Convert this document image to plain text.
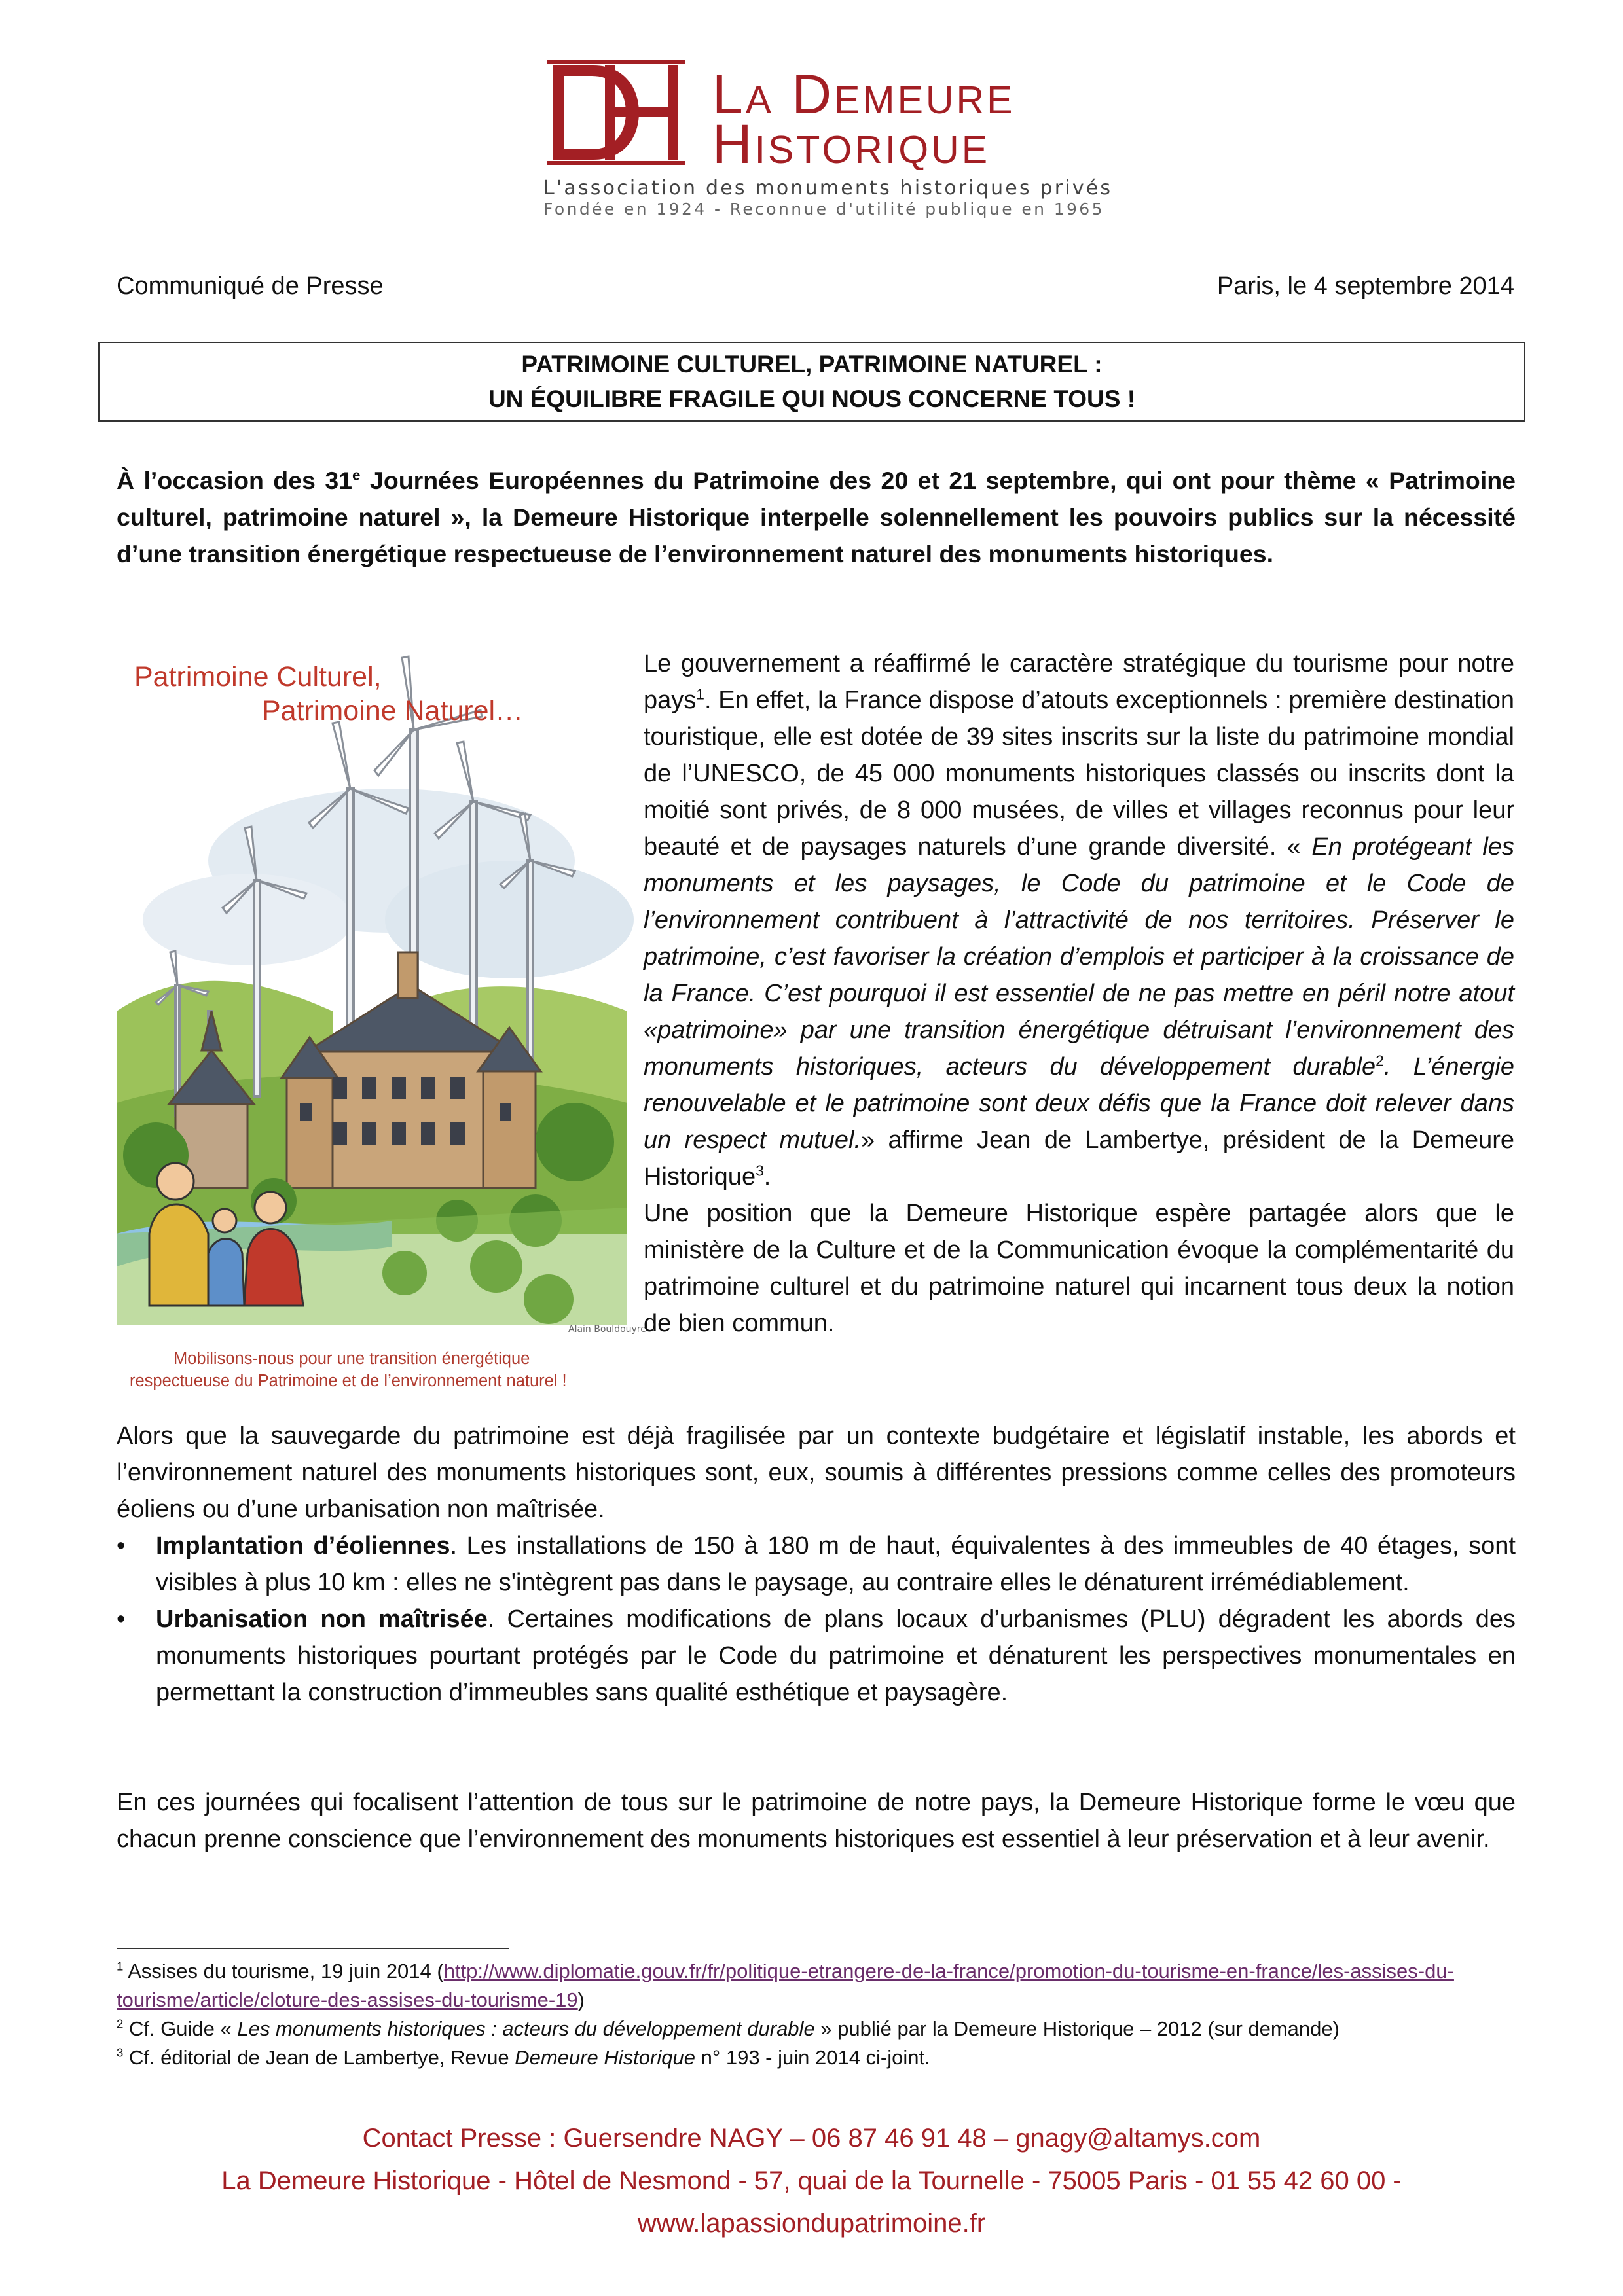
La Demeure
Historique
L'association des monuments historiques privés
Fondée en 1924 - Reconnue d'utilité publique en 1965
Communiqué de Presse	Paris, le 4 septembre 2014
PATRIMOINE CULTUREL, PATRIMOINE NATUREL :
UN ÉQUILIBRE FRAGILE QUI NOUS CONCERNE TOUS !
À l’occasion des 31e Journées Européennes du Patrimoine des 20 et 21 septembre, qui ont pour thème « Patrimoine culturel, patrimoine naturel », la Demeure Historique interpelle solennellement les pouvoirs publics sur la nécessité d’une transition énergétique respectueuse de l’environnement naturel des monuments historiques.
Alain Bouldouyre
Patrimoine Culturel,
Patrimoine Naturel…
Mobilisons-nous pour une transition énergétique
respectueuse du Patrimoine et de l’environnement naturel !
Le gouvernement a réaffirmé le caractère stratégique du tourisme pour notre pays$^1$. En effet, la France dispose d’atouts exceptionnels : première destination touristique, elle est dotée de 39 sites inscrits sur la liste du patrimoine mondial de l’UNESCO, de 45 000 monuments historiques classés ou inscrits dont la moitié sont privés, de 8 000 musées, de villes et villages reconnus pour leur beauté et de paysages naturels d’une grande diversité. « En protégeant les monuments et les paysages, le Code du patrimoine et le Code de l’environnement contribuent à l’attractivité de nos territoires. Préserver le patrimoine, c’est favoriser la création d’emplois et participer à la croissance de la France. C’est pourquoi il est essentiel de ne pas mettre en péril notre atout «patrimoine» par une transition énergétique détruisant l’environnement des monuments historiques, acteurs du développement durable$^2$. L’énergie renouvelable et le patrimoine sont deux défis que la France doit relever dans un respect mutuel.» affirme Jean de Lambertye, président de la Demeure Historique$^3$.
Une position que la Demeure Historique espère partagée alors que le ministère de la Culture et de la Communication évoque la complémentarité du patrimoine culturel et du patrimoine naturel qui incarnent tous deux la notion de bien commun.
Alors que la sauvegarde du patrimoine est déjà fragilisée par un contexte budgétaire et législatif instable, les abords et l’environnement naturel des monuments historiques sont, eux, soumis à différentes pressions comme celles des promoteurs éoliens ou d’une urbanisation non maîtrisée.
• Implantation d’éoliennes. Les installations de 150 à 180 m de haut, équivalentes à des immeubles de 40 étages, sont visibles à plus 10 km : elles ne s'intègrent pas dans le paysage, au contraire elles le dénaturent irrémédiablement.
• Urbanisation non maîtrisée. Certaines modifications de plans locaux d’urbanismes (PLU) dégradent les abords des monuments historiques pourtant protégés par le Code du patrimoine et dénaturent les perspectives monumentales en permettant la construction d’immeubles sans qualité esthétique et paysagère.
En ces journées qui focalisent l’attention de tous sur le patrimoine de notre pays, la Demeure Historique forme le vœu que chacun prenne conscience que l’environnement des monuments historiques est essentiel à leur préservation et à leur avenir.
$^1$ Assises du tourisme, 19 juin 2014 (http://www.diplomatie.gouv.fr/fr/politique-etrangere-de-la-france/promotion-du-tourisme-en-france/les-assises-du-tourisme/article/cloture-des-assises-du-tourisme-19)
$^2$ Cf. Guide « Les monuments historiques : acteurs du développement durable » publié par la Demeure Historique – 2012 (sur demande)
$^3$ Cf. éditorial de Jean de Lambertye, Revue Demeure Historique n° 193 - juin 2014 ci-joint.
Contact Presse : Guersendre NAGY – 06 87 46 91 48 – gnagy@altamys.com
La Demeure Historique - Hôtel de Nesmond - 57, quai de la Tournelle - 75005 Paris - 01 55 42 60 00 -
www.lapassiondupatrimoine.fr
